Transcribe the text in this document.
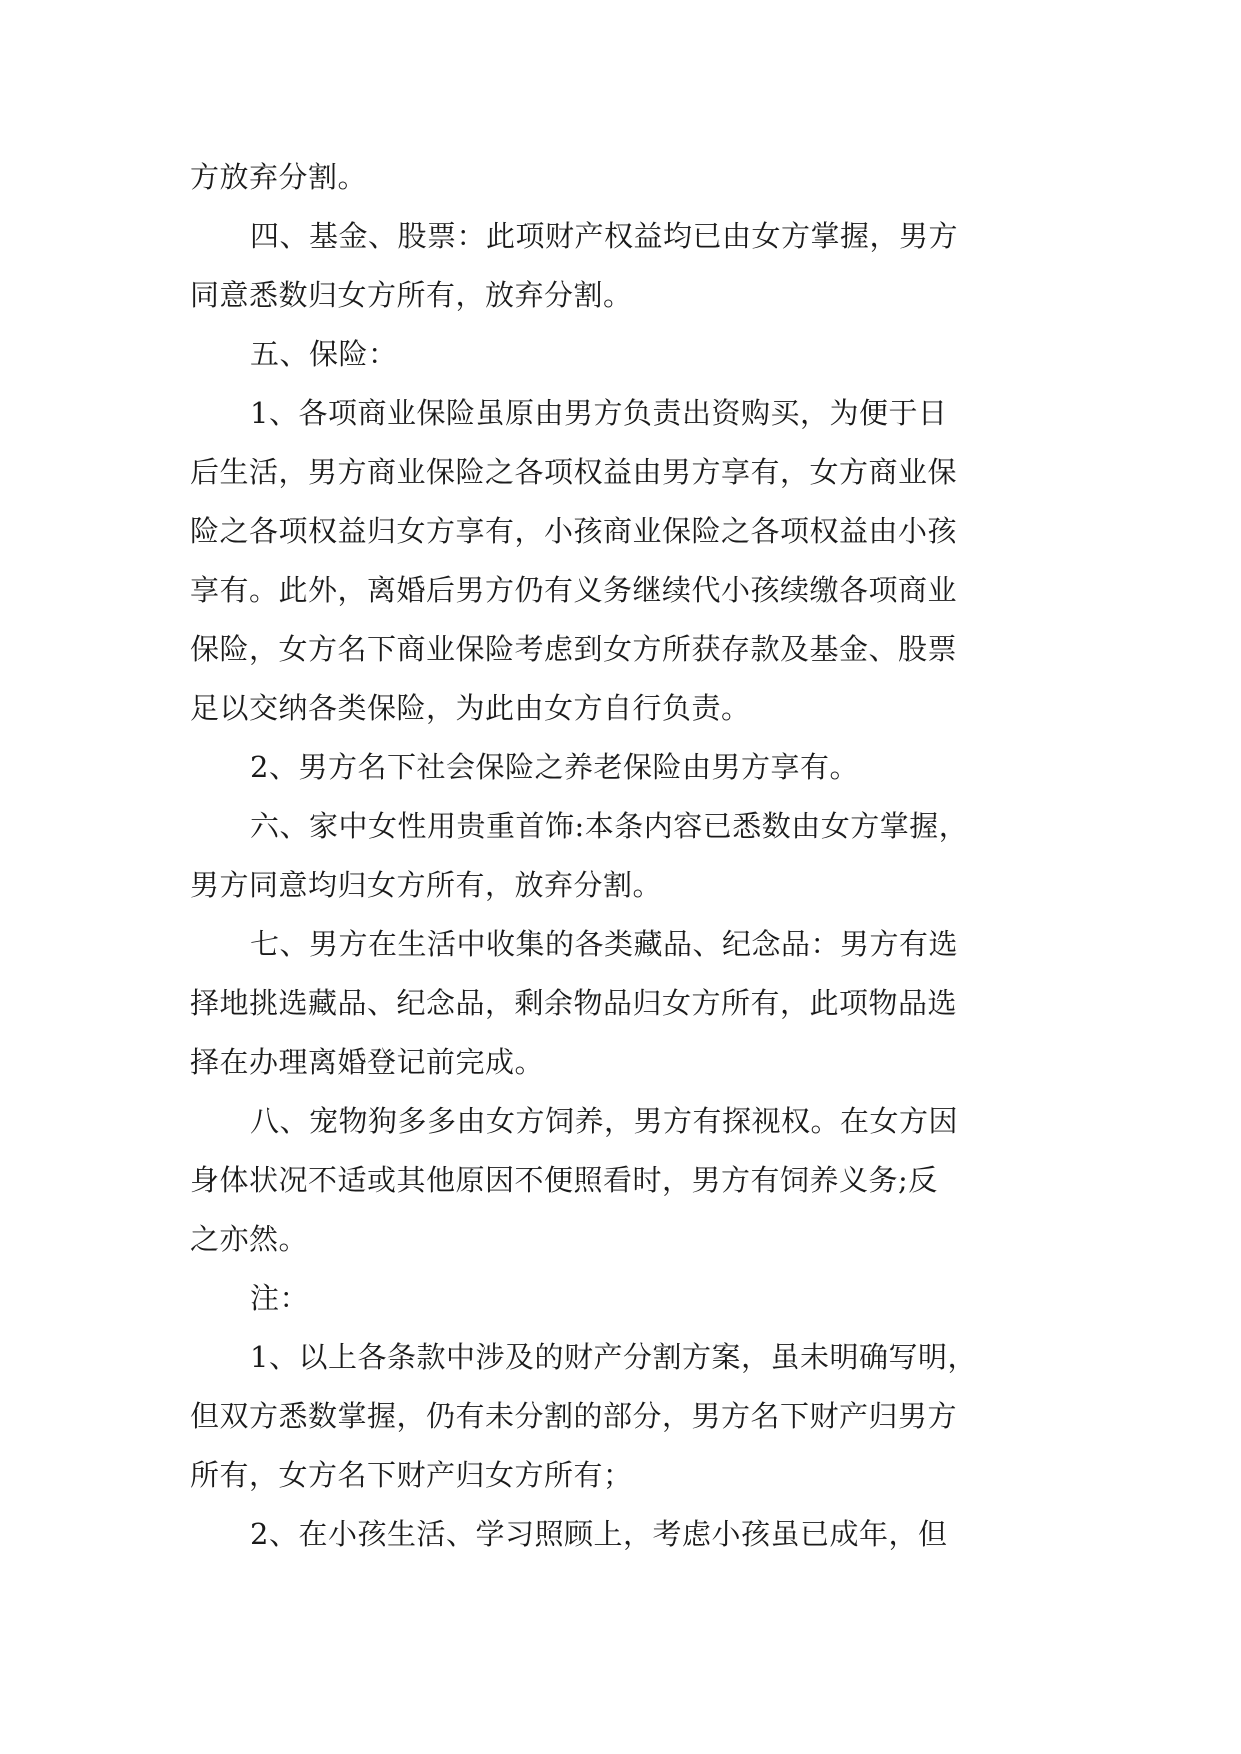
方放弃分割。
四、基金、股票：此项财产权益均已由女方掌握，男方
同意悉数归女方所有，放弃分割。
五、保险：
1、各项商业保险虽原由男方负责出资购买，为便于日
后生活，男方商业保险之各项权益由男方享有，女方商业保
险之各项权益归女方享有，小孩商业保险之各项权益由小孩
享有。此外，离婚后男方仍有义务继续代小孩续缴各项商业
保险，女方名下商业保险考虑到女方所获存款及基金、股票
足以交纳各类保险，为此由女方自行负责。
2、男方名下社会保险之养老保险由男方享有。
六、家中女性用贵重首饰:本条内容已悉数由女方掌握，
男方同意均归女方所有，放弃分割。
七、男方在生活中收集的各类藏品、纪念品：男方有选
择地挑选藏品、纪念品，剩余物品归女方所有，此项物品选
择在办理离婚登记前完成。
八、宠物狗多多由女方饲养，男方有探视权。在女方因
身体状况不适或其他原因不便照看时，男方有饲养义务;反
之亦然。
注：
1、以上各条款中涉及的财产分割方案，虽未明确写明，
但双方悉数掌握，仍有未分割的部分，男方名下财产归男方
所有，女方名下财产归女方所有；
2、在小孩生活、学习照顾上，考虑小孩虽已成年，但
